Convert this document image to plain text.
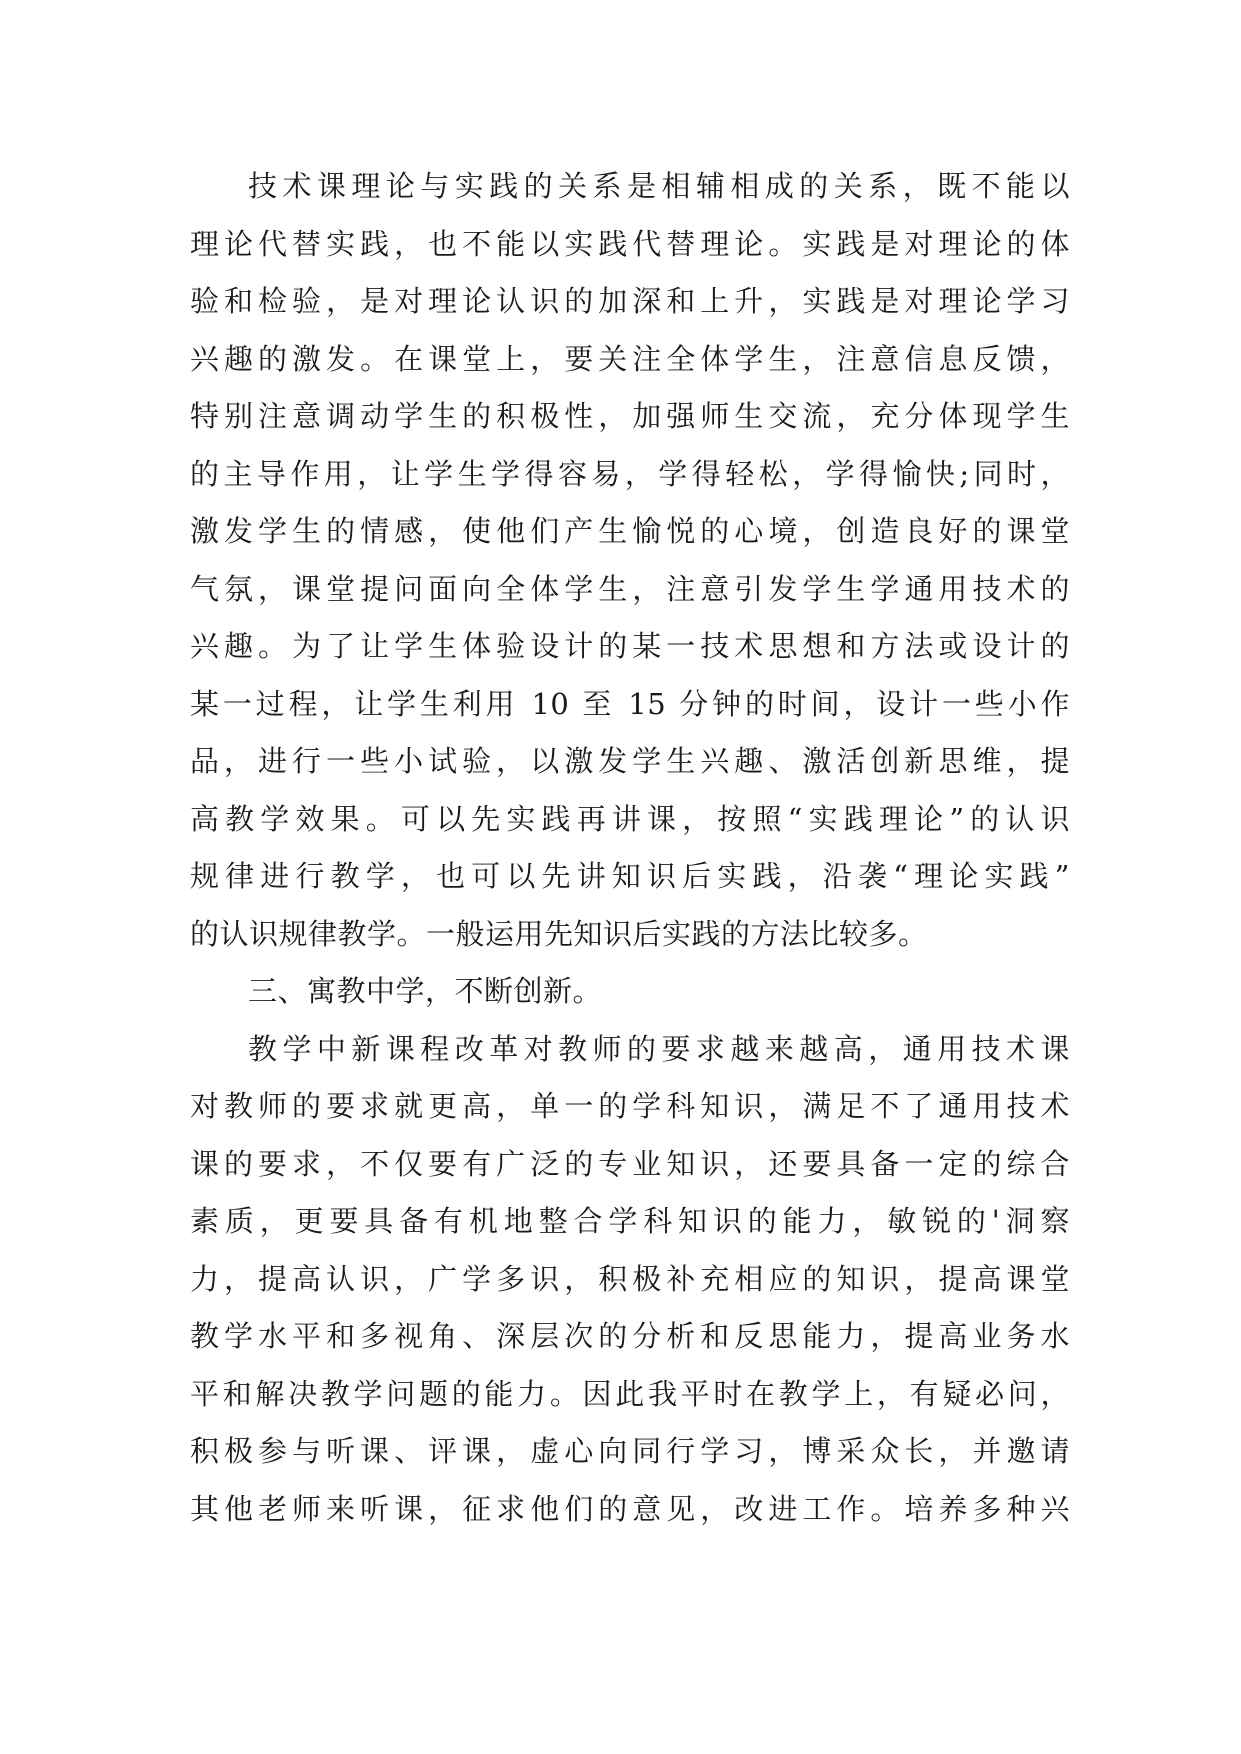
技术课理论与实践的关系是相辅相成的关系，既不能以
理论代替实践，也不能以实践代替理论。实践是对理论的体
验和检验，是对理论认识的加深和上升，实践是对理论学习
兴趣的激发。在课堂上，要关注全体学生，注意信息反馈，
特别注意调动学生的积极性，加强师生交流，充分体现学生
的主导作用，让学生学得容易，学得轻松，学得愉快;同时，
激发学生的情感，使他们产生愉悦的心境，创造良好的课堂
气氛，课堂提问面向全体学生，注意引发学生学通用技术的
兴趣。为了让学生体验设计的某一技术思想和方法或设计的
某一过程，让学生利用 10 至 15 分钟的时间，设计一些小作
品，进行一些小试验，以激发学生兴趣、激活创新思维，提
高教学效果。可以先实践再讲课，按照“实践理论”的认识
规律进行教学，也可以先讲知识后实践，沿袭“理论实践”
的认识规律教学。一般运用先知识后实践的方法比较多。
三、寓教中学，不断创新。
教学中新课程改革对教师的要求越来越高，通用技术课
对教师的要求就更高，单一的学科知识，满足不了通用技术
课的要求，不仅要有广泛的专业知识，还要具备一定的综合
素质，更要具备有机地整合学科知识的能力，敏锐的'洞察
力，提高认识，广学多识，积极补充相应的知识，提高课堂
教学水平和多视角、深层次的分析和反思能力，提高业务水
平和解决教学问题的能力。因此我平时在教学上，有疑必问，
积极参与听课、评课，虚心向同行学习，博采众长，并邀请
其他老师来听课，征求他们的意见，改进工作。培养多种兴
